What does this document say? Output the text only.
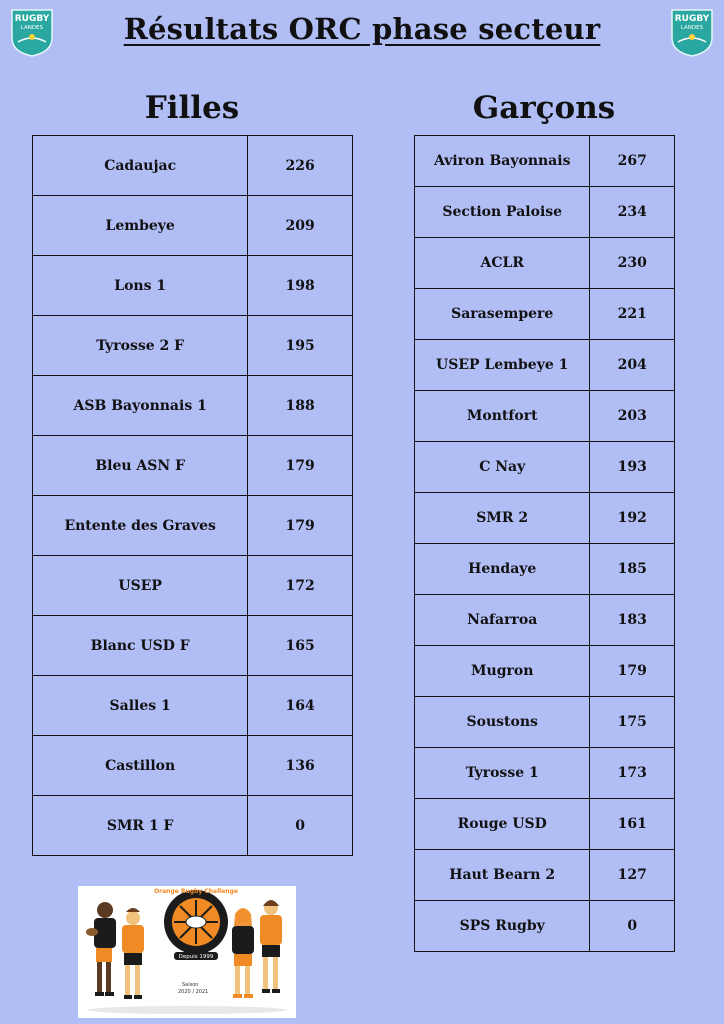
Résultats ORC phase secteur
RUGBY
LANDES
RUGBY
LANDES
Filles	Garçons
Cadaujac	226
Lembeye	209
Lons 1	198
Tyrosse 2 F	195
ASB Bayonnais 1	188
Bleu ASN F	179
Entente des Graves	179
USEP	172
Blanc USD F	165
Salles 1	164
Castillon	136
SMR 1 F	0
Aviron Bayonnais	267
Section Paloise	234
ACLR	230
Sarasempere	221
USEP Lembeye 1	204
Montfort	203
C Nay	193
SMR 2	192
Hendaye	185
Nafarroa	183
Mugron	179
Soustons	175
Tyrosse 1	173
Rouge USD	161
Haut Bearn 2	127
SPS Rugby	0
Depuis 1999
Orange Rugby Challenge
Saison
2020 / 2021
